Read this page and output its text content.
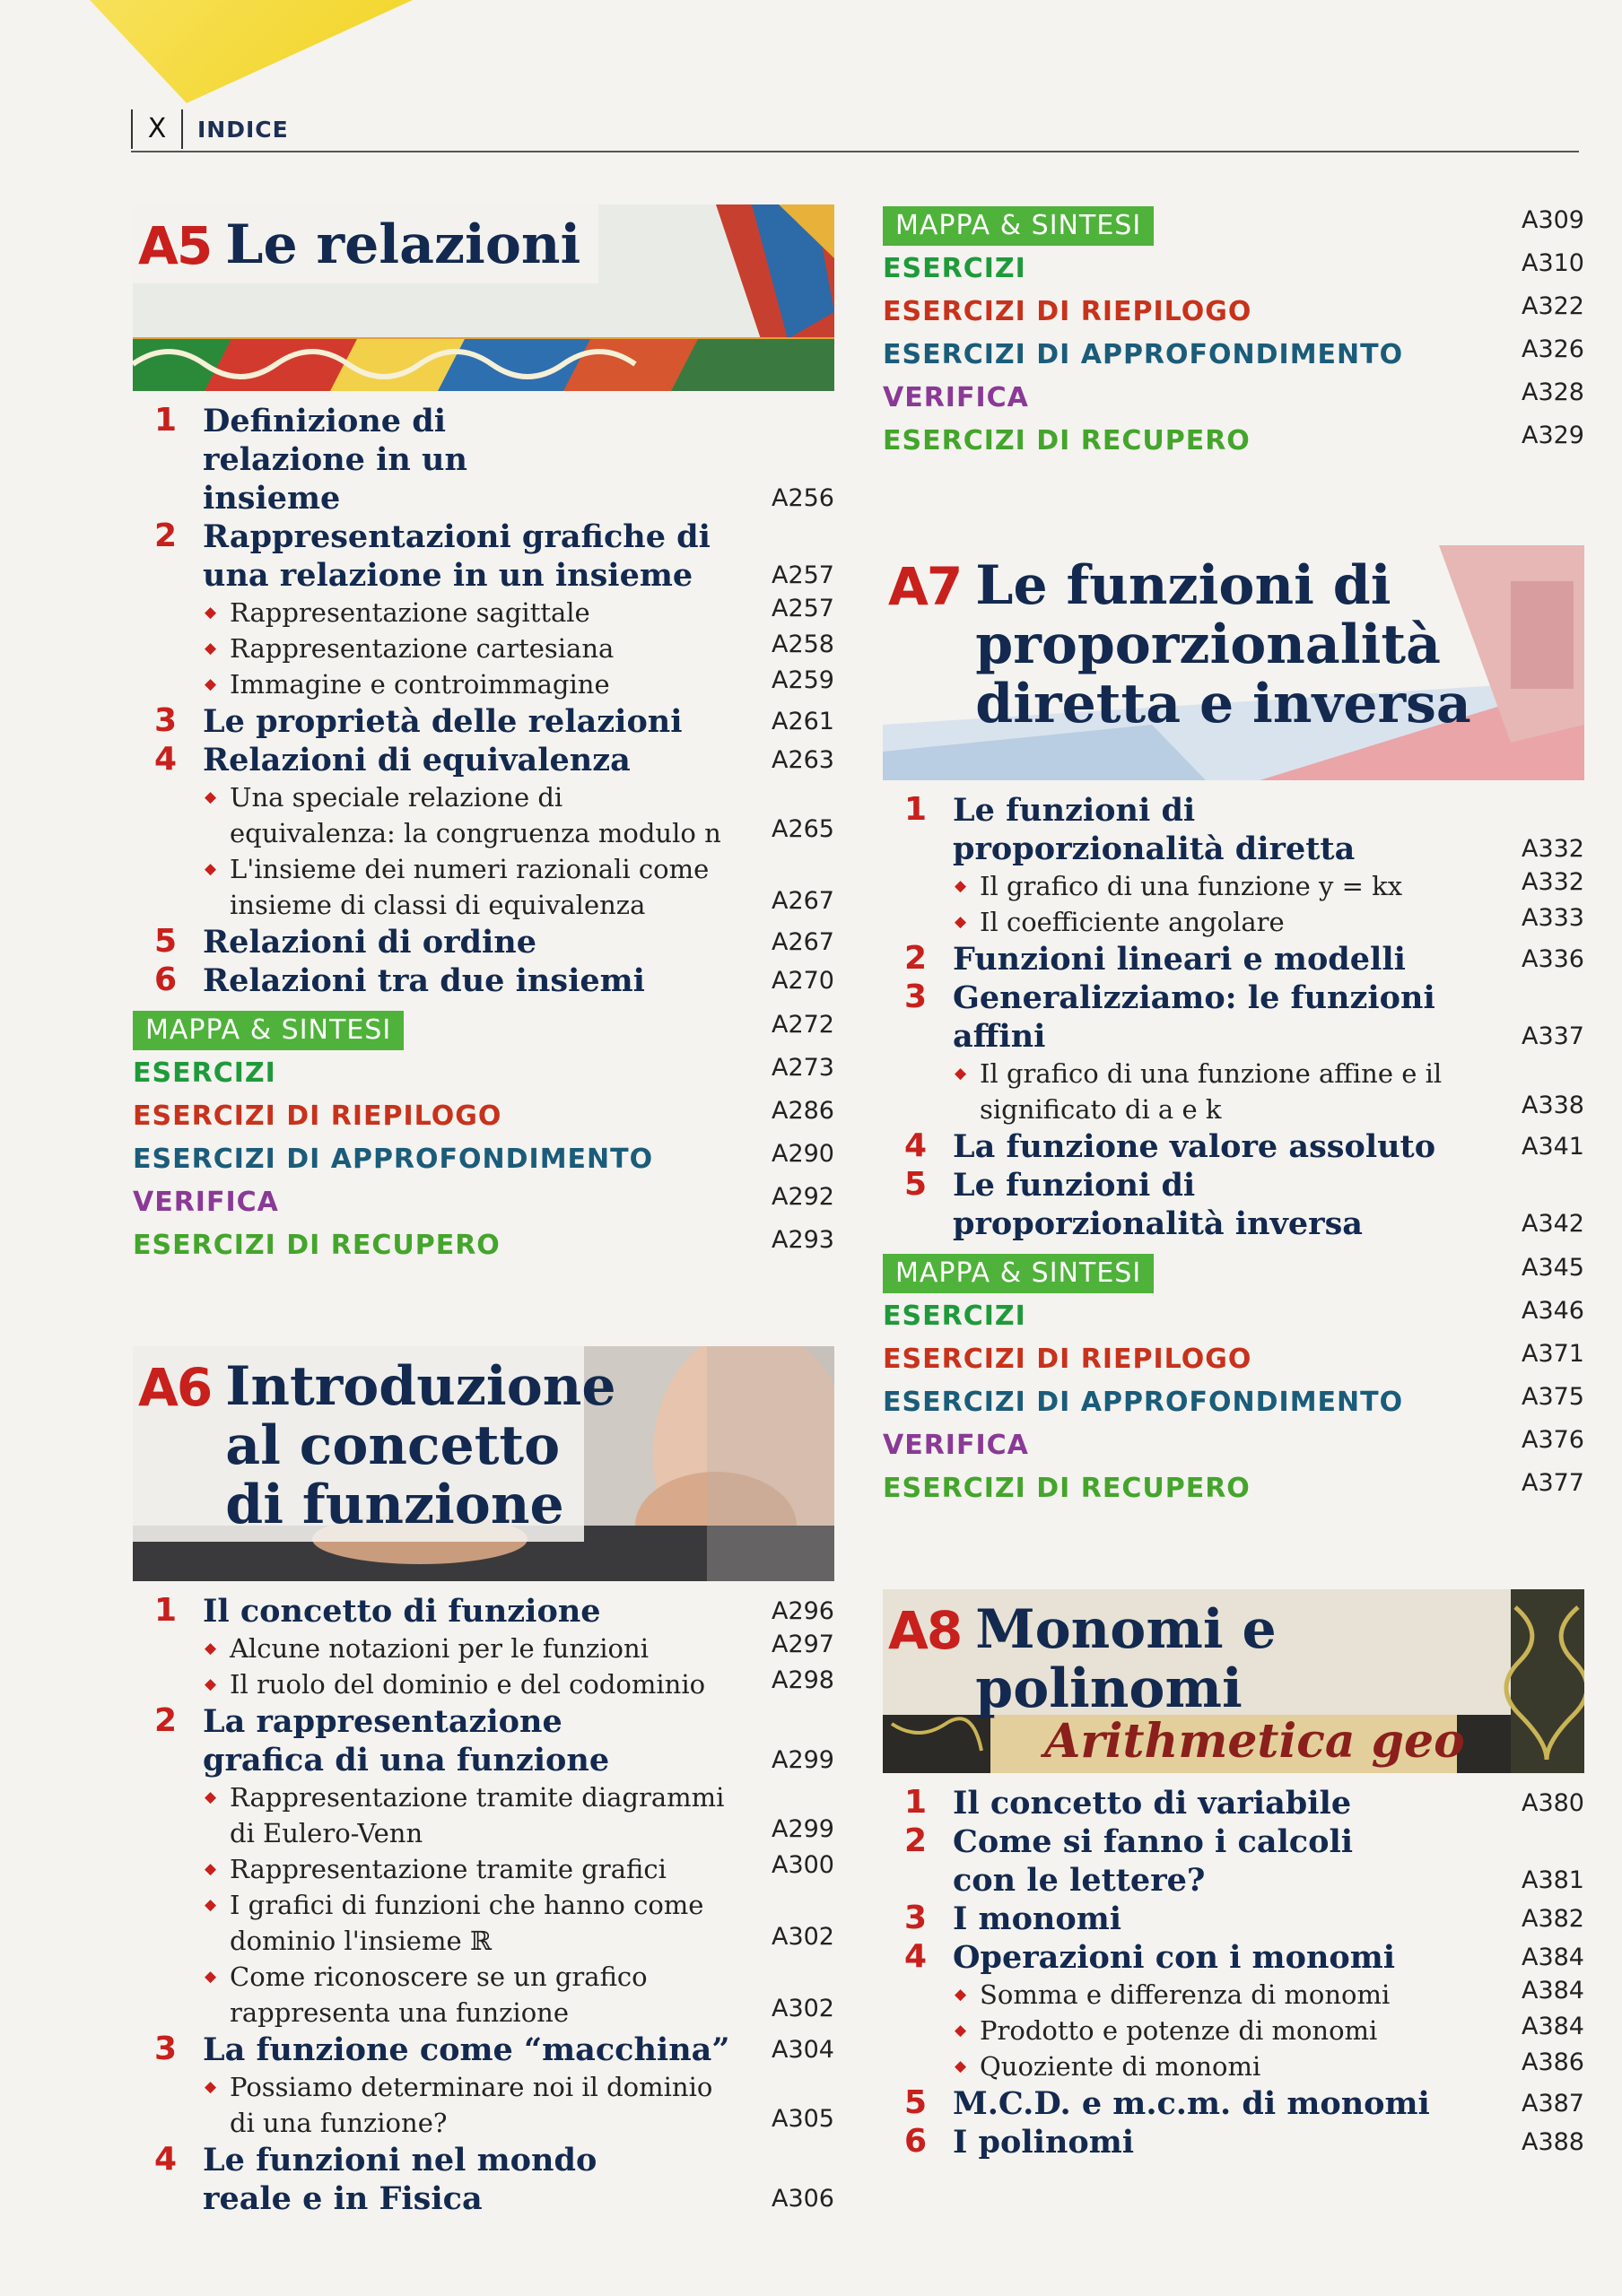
X	INDICE
A5 Le relazioni
1 Definizione di relazione in un insieme	A256
2 Rappresentazioni grafiche di una relazione in un insieme	A257
◆ Rappresentazione sagittale	A257
◆ Rappresentazione cartesiana	A258
◆ Immagine e controimmagine	A259
3 Le proprietà delle relazioni	A261
4 Relazioni di equivalenza	A263
◆ Una speciale relazione di equivalenza: la congruenza modulo n A265
◆ L'insieme dei numeri razionali come insieme di classi di equivalenza	A267
5 Relazioni di ordine	A267
6 Relazioni tra due insiemi	A270
MAPPA & SINTESI	A272
ESERCIZI	A273
ESERCIZI DI RIEPILOGO	A286
ESERCIZI DI APPROFONDIMENTO	A290
VERIFICA	A292
ESERCIZI DI RECUPERO	A293
A6 Introduzione al concetto di funzione
1 Il concetto di funzione	A296
◆ Alcune notazioni per le funzioni	A297
◆ Il ruolo del dominio e del codominio	A298
2 La rappresentazione grafica di una funzione	A299
◆ Rappresentazione tramite diagrammi di Eulero-Venn	A299
◆ Rappresentazione tramite grafici	A300
◆ I grafici di funzioni che hanno come dominio l'insieme ℝ	A302
◆ Come riconoscere se un grafico rappresenta una funzione	A302
3 La funzione come “macchina” A304
◆ Possiamo determinare noi il dominio di una funzione?	A305
4 Le funzioni nel mondo reale e in Fisica	A306
MAPPA & SINTESI	A309
ESERCIZI	A310
ESERCIZI DI RIEPILOGO	A322
ESERCIZI DI APPROFONDIMENTO	A326
VERIFICA	A328
ESERCIZI DI RECUPERO	A329
A7 Le funzioni di proporzionalità diretta e inversa
1 Le funzioni di proporzionalità diretta	A332
◆ Il grafico di una funzione y = kx	A332
◆ Il coefficiente angolare	A333
2 Funzioni lineari e modelli	A336
3 Generalizziamo: le funzioni affini	A337
◆ Il grafico di una funzione affine e il significato di a e k	A338
4 La funzione valore assoluto	A341
5 Le funzioni di proporzionalità inversa	A342
MAPPA & SINTESI	A345
ESERCIZI	A346
ESERCIZI DI RIEPILOGO	A371
ESERCIZI DI APPROFONDIMENTO	A375
VERIFICA	A376
ESERCIZI DI RECUPERO	A377
A8 Monomi e polinomi
Arithmetica geo
1 Il concetto di variabile	A380
2 Come si fanno i calcoli con le lettere?	A381
3 I monomi	A382
4 Operazioni con i monomi	A384
◆ Somma e differenza di monomi	A384
◆ Prodotto e potenze di monomi	A384
◆ Quoziente di monomi	A386
5 M.C.D. e m.c.m. di monomi	A387
6 I polinomi	A388
